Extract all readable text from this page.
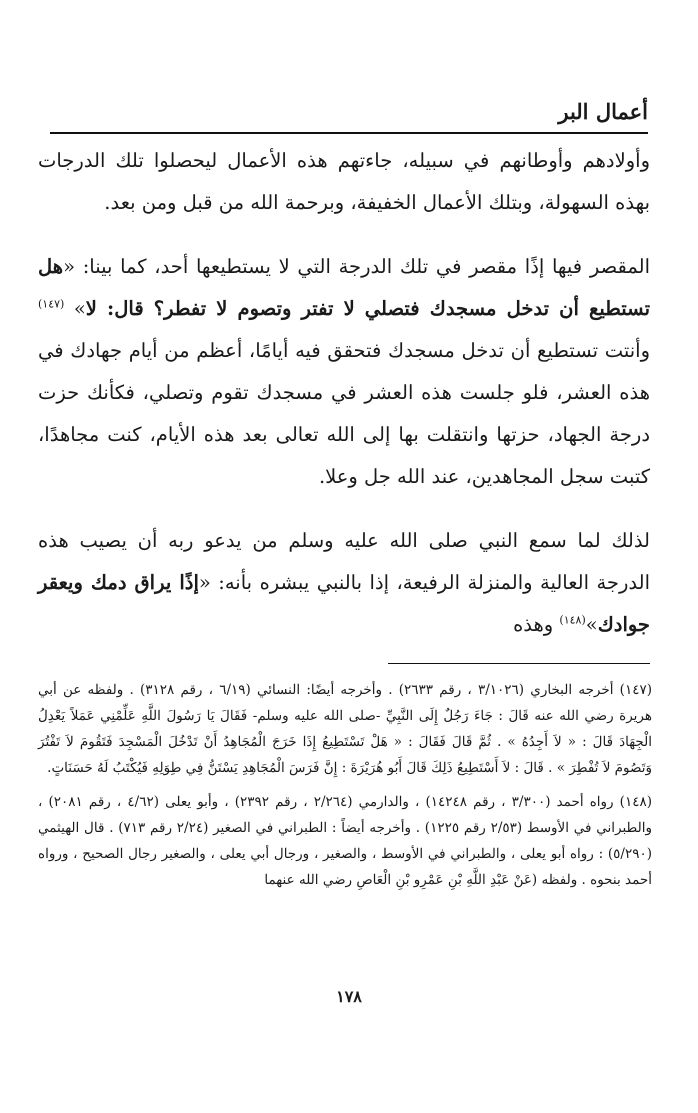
أعمال البر

وأولادهم وأوطانهم في سبيله، جاءتهم هذه الأعمال ليحصلوا تلك الدرجات بهذه السهولة، وبتلك الأعمال الخفيفة، وبرحمة الله من قبل ومن بعد.

المقصر فيها إذًا مقصر في تلك الدرجة التي لا يستطيعها أحد، كما بينا: «هل تستطيع أن تدخل مسجدك فتصلي لا تفتر وتصوم لا تفطر؟ قال: لا» $^{(١٤٧)}$ وأنتت تستطيع أن تدخل مسجدك فتحقق فيه أيامًا، أعظم من أيام جهادك في هذه العشر، فلو جلست هذه العشر في مسجدك تقوم وتصلي، فكأنك حزت درجة الجهاد، حزتها وانتقلت بها إلى الله تعالى بعد هذه الأيام، كنت مجاهدًا، كتبت سجل المجاهدين، عند الله جل وعلا.

لذلك لما سمع النبي صلى الله عليه وسلم من يدعو ربه أن يصيب هذه الدرجة العالية والمنزلة الرفيعة، إذا بالنبي يبشره بأنه: «إذًا يراق دمك ويعقر جوادك»$^{(١٤٨)}$ وهذه

(١٤٧) أخرجه البخاري (٣/١٠٢٦ ، رقم ٢٦٣٣) . وأخرجه أيضًا: النسائي (٦/١٩ ، رقم ٣١٢٨) . ولفظه عن أبي هريرة رضي الله عنه قَالَ : جَاءَ رَجُلٌ إِلَى النَّبِيِّ -صلى الله عليه وسلم- فَقَالَ يَا رَسُولَ اللَّهِ عَلِّمْنِي عَمَلاً يَعْدِلُ الْجِهَادَ قَالَ : « لاَ أَجِدُهُ » . ثُمَّ قَالَ فَقَالَ : « هَلْ تَسْتَطِيعُ إِذَا خَرَجَ الْمُجَاهِدُ أَنْ تَدْخُلَ الْمَسْجِدَ فَتَقُومَ لاَ تَفْتُرَ وَتَصُومَ لاَ تُفْطِرَ » . قَالَ : لاَ أَسْتَطِيعُ ذَلِكَ قَالَ أَبُو هُرَيْرَةَ : إِنَّ فَرَسَ الْمُجَاهِدِ يَسْتَنُّ فِي طِوَلِهِ فَيُكْتَبُ لَهُ حَسَنَاتٍ.

(١٤٨) رواه أحمد (٣/٣٠٠ ، رقم ١٤٢٤٨) ، والدارمي (٢/٢٦٤ ، رقم ٢٣٩٢) ، وأبو يعلى (٤/٦٢ ، رقم ٢٠٨١) ، والطبراني في الأوسط (٢/٥٣ رقم ١٢٢٥) . وأخرجه أيضاً : الطبراني في الصغير (٢/٢٤ رقم ٧١٣) . قال الهيثمي (٥/٢٩٠) : رواه أبو يعلى ، والطبراني في الأوسط ، والصغير ، ورجال أبي يعلى ، والصغير رجال الصحيح ، ورواه أحمد بنحوه . ولفظه (عَنْ عَبْدِ اللَّهِ بْنِ عَمْرِو بْنِ الْعَاصِ رضي الله عنهما

١٧٨
